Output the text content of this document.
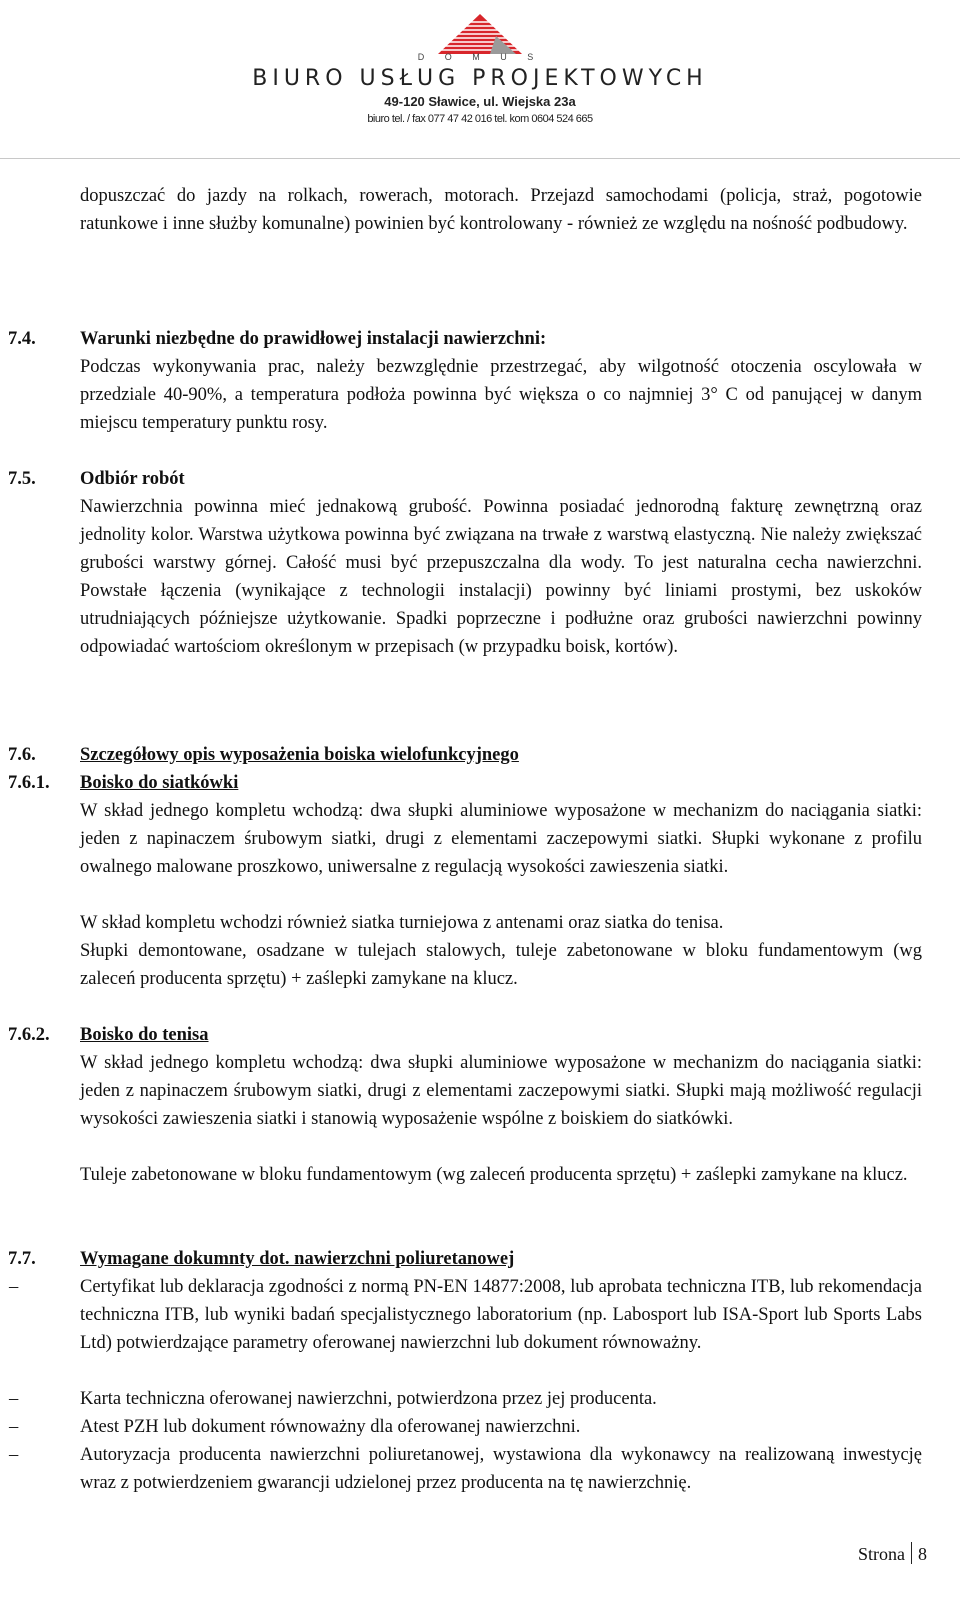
D O M U S
BIURO USŁUG PROJEKTOWYCH
49-120 Sławice, ul. Wiejska 23a
biuro tel. / fax 077 47 42 016 tel. kom 0604 524 665

dopuszczać do jazdy na rolkach, rowerach, motorach. Przejazd samochodami (policja, straż, pogotowie ratunkowe i inne służby komunalne) powinien być kontrolowany - również ze względu na nośność podbudowy.

7.4. Warunki niezbędne do prawidłowej instalacji nawierzchni:

Podczas wykonywania prac, należy bezwzględnie przestrzegać, aby wilgotność otoczenia oscylowała w przedziale 40-90%, a temperatura podłoża powinna być większa o co najmniej 3° C od panującej w danym miejscu temperatury punktu rosy.

7.5. Odbiór robót

Nawierzchnia powinna mieć jednakową grubość. Powinna posiadać jednorodną fakturę zewnętrzną oraz jednolity kolor. Warstwa użytkowa powinna być związana na trwałe z warstwą elastyczną. Nie należy zwiększać grubości warstwy górnej. Całość musi być przepuszczalna dla wody. To jest naturalna cecha nawierzchni. Powstałe łączenia (wynikające z technologii instalacji) powinny być liniami prostymi, bez uskoków utrudniających późniejsze użytkowanie. Spadki poprzeczne i podłużne oraz grubości nawierzchni powinny odpowiadać wartościom określonym w przepisach (w przypadku boisk, kortów).

7.6. Szczegółowy opis wyposażenia boiska wielofunkcyjnego
7.6.1. Boisko do siatkówki

W skład jednego kompletu wchodzą: dwa słupki aluminiowe wyposażone w mechanizm do naciągania siatki: jeden z napinaczem śrubowym siatki, drugi z elementami zaczepowymi siatki. Słupki wykonane z profilu owalnego malowane proszkowo, uniwersalne z regulacją wysokości zawieszenia siatki.

W skład kompletu wchodzi również siatka turniejowa z antenami oraz siatka do tenisa.

Słupki demontowane, osadzane w tulejach stalowych, tuleje zabetonowane w bloku fundamentowym (wg zaleceń producenta sprzętu) + zaślepki zamykane na klucz.

7.6.2. Boisko do tenisa

W skład jednego kompletu wchodzą: dwa słupki aluminiowe wyposażone w mechanizm do naciągania siatki: jeden z napinaczem śrubowym siatki, drugi z elementami zaczepowymi siatki. Słupki mają możliwość regulacji wysokości zawieszenia siatki i stanowią wyposażenie wspólne z boiskiem do siatkówki.

Tuleje zabetonowane w bloku fundamentowym (wg zaleceń producenta sprzętu) + zaślepki zamykane na klucz.

7.7. Wymagane dokumnty dot. nawierzchni poliuretanowej
–	Certyfikat lub deklaracja zgodności z normą PN-EN 14877:2008, lub aprobata techniczna ITB, lub rekomendacja techniczna ITB, lub wyniki badań specjalistycznego laboratorium (np. Labosport lub ISA-Sport lub Sports Labs Ltd) potwierdzające parametry oferowanej nawierzchni lub dokument równoważny.

–	Karta techniczna oferowanej nawierzchni, potwierdzona przez jej producenta.

–	Atest PZH lub dokument równoważny dla oferowanej nawierzchni.

–	Autoryzacja producenta nawierzchni poliuretanowej, wystawiona dla wykonawcy na realizowaną inwestycję wraz z potwierdzeniem gwarancji udzielonej przez producenta na tę nawierzchnię.

Strona 8
